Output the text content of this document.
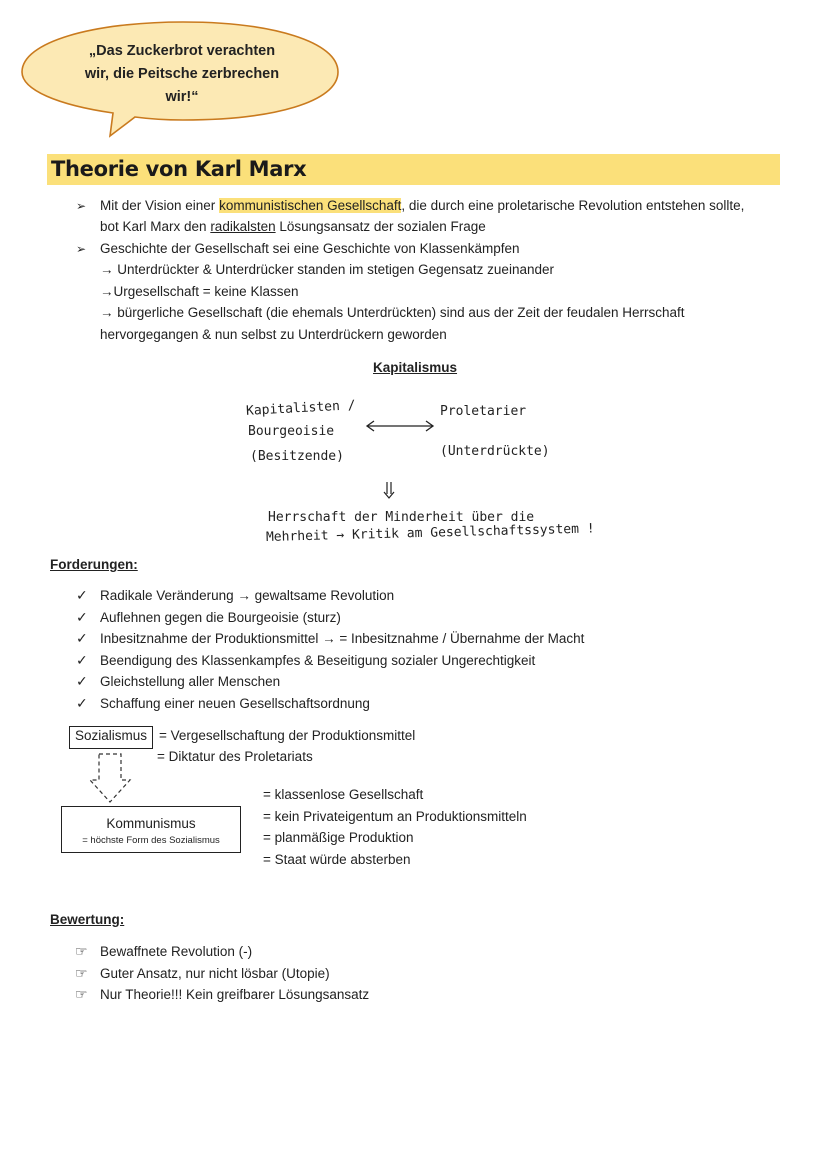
„Das Zuckerbrot verachten
wir, die Peitsche zerbrechen
wir!“
Theorie von Karl Marx
➢ Mit der Vision einer kommunistischen Gesellschaft, die durch eine proletarische Revolution entstehen sollte,
bot Karl Marx den radikalsten Lösungsansatz der sozialen Frage
➢ Geschichte der Gesellschaft sei eine Geschichte von Klassenkämpfen
→ Unterdrückter & Unterdrücker standen im stetigen Gegensatz zueinander
→Urgesellschaft = keine Klassen
→ bürgerliche Gesellschaft (die ehemals Unterdrückten) sind aus der Zeit der feudalen Herrschaft
hervorgegangen & nun selbst zu Unterdrückern geworden
Kapitalismus
Kapitalisten /
Bourgeoisie
(Besitzende)
Proletarier
(Unterdrückte)
Herrschaft der Minderheit über die
Mehrheit → Kritik am Gesellschaftssystem !
Forderungen:
✓ Radikale Veränderung → gewaltsame Revolution
✓ Auflehnen gegen die Bourgeoisie (sturz)
✓ Inbesitznahme der Produktionsmittel → = Inbesitznahme / Übernahme der Macht
✓ Beendigung des Klassenkampfes & Beseitigung sozialer Ungerechtigkeit
✓ Gleichstellung aller Menschen
✓ Schaffung einer neuen Gesellschaftsordnung
Sozialismus = Vergesellschaftung der Produktionsmittel
= Diktatur des Proletariats
Kommunismus
= höchste Form des Sozialismus
= klassenlose Gesellschaft
= kein Privateigentum an Produktionsmitteln
= planmäßige Produktion
= Staat würde absterben
Bewertung:
☞ Bewaffnete Revolution (-)
☞ Guter Ansatz, nur nicht lösbar (Utopie)
☞ Nur Theorie!!! Kein greifbarer Lösungsansatz
